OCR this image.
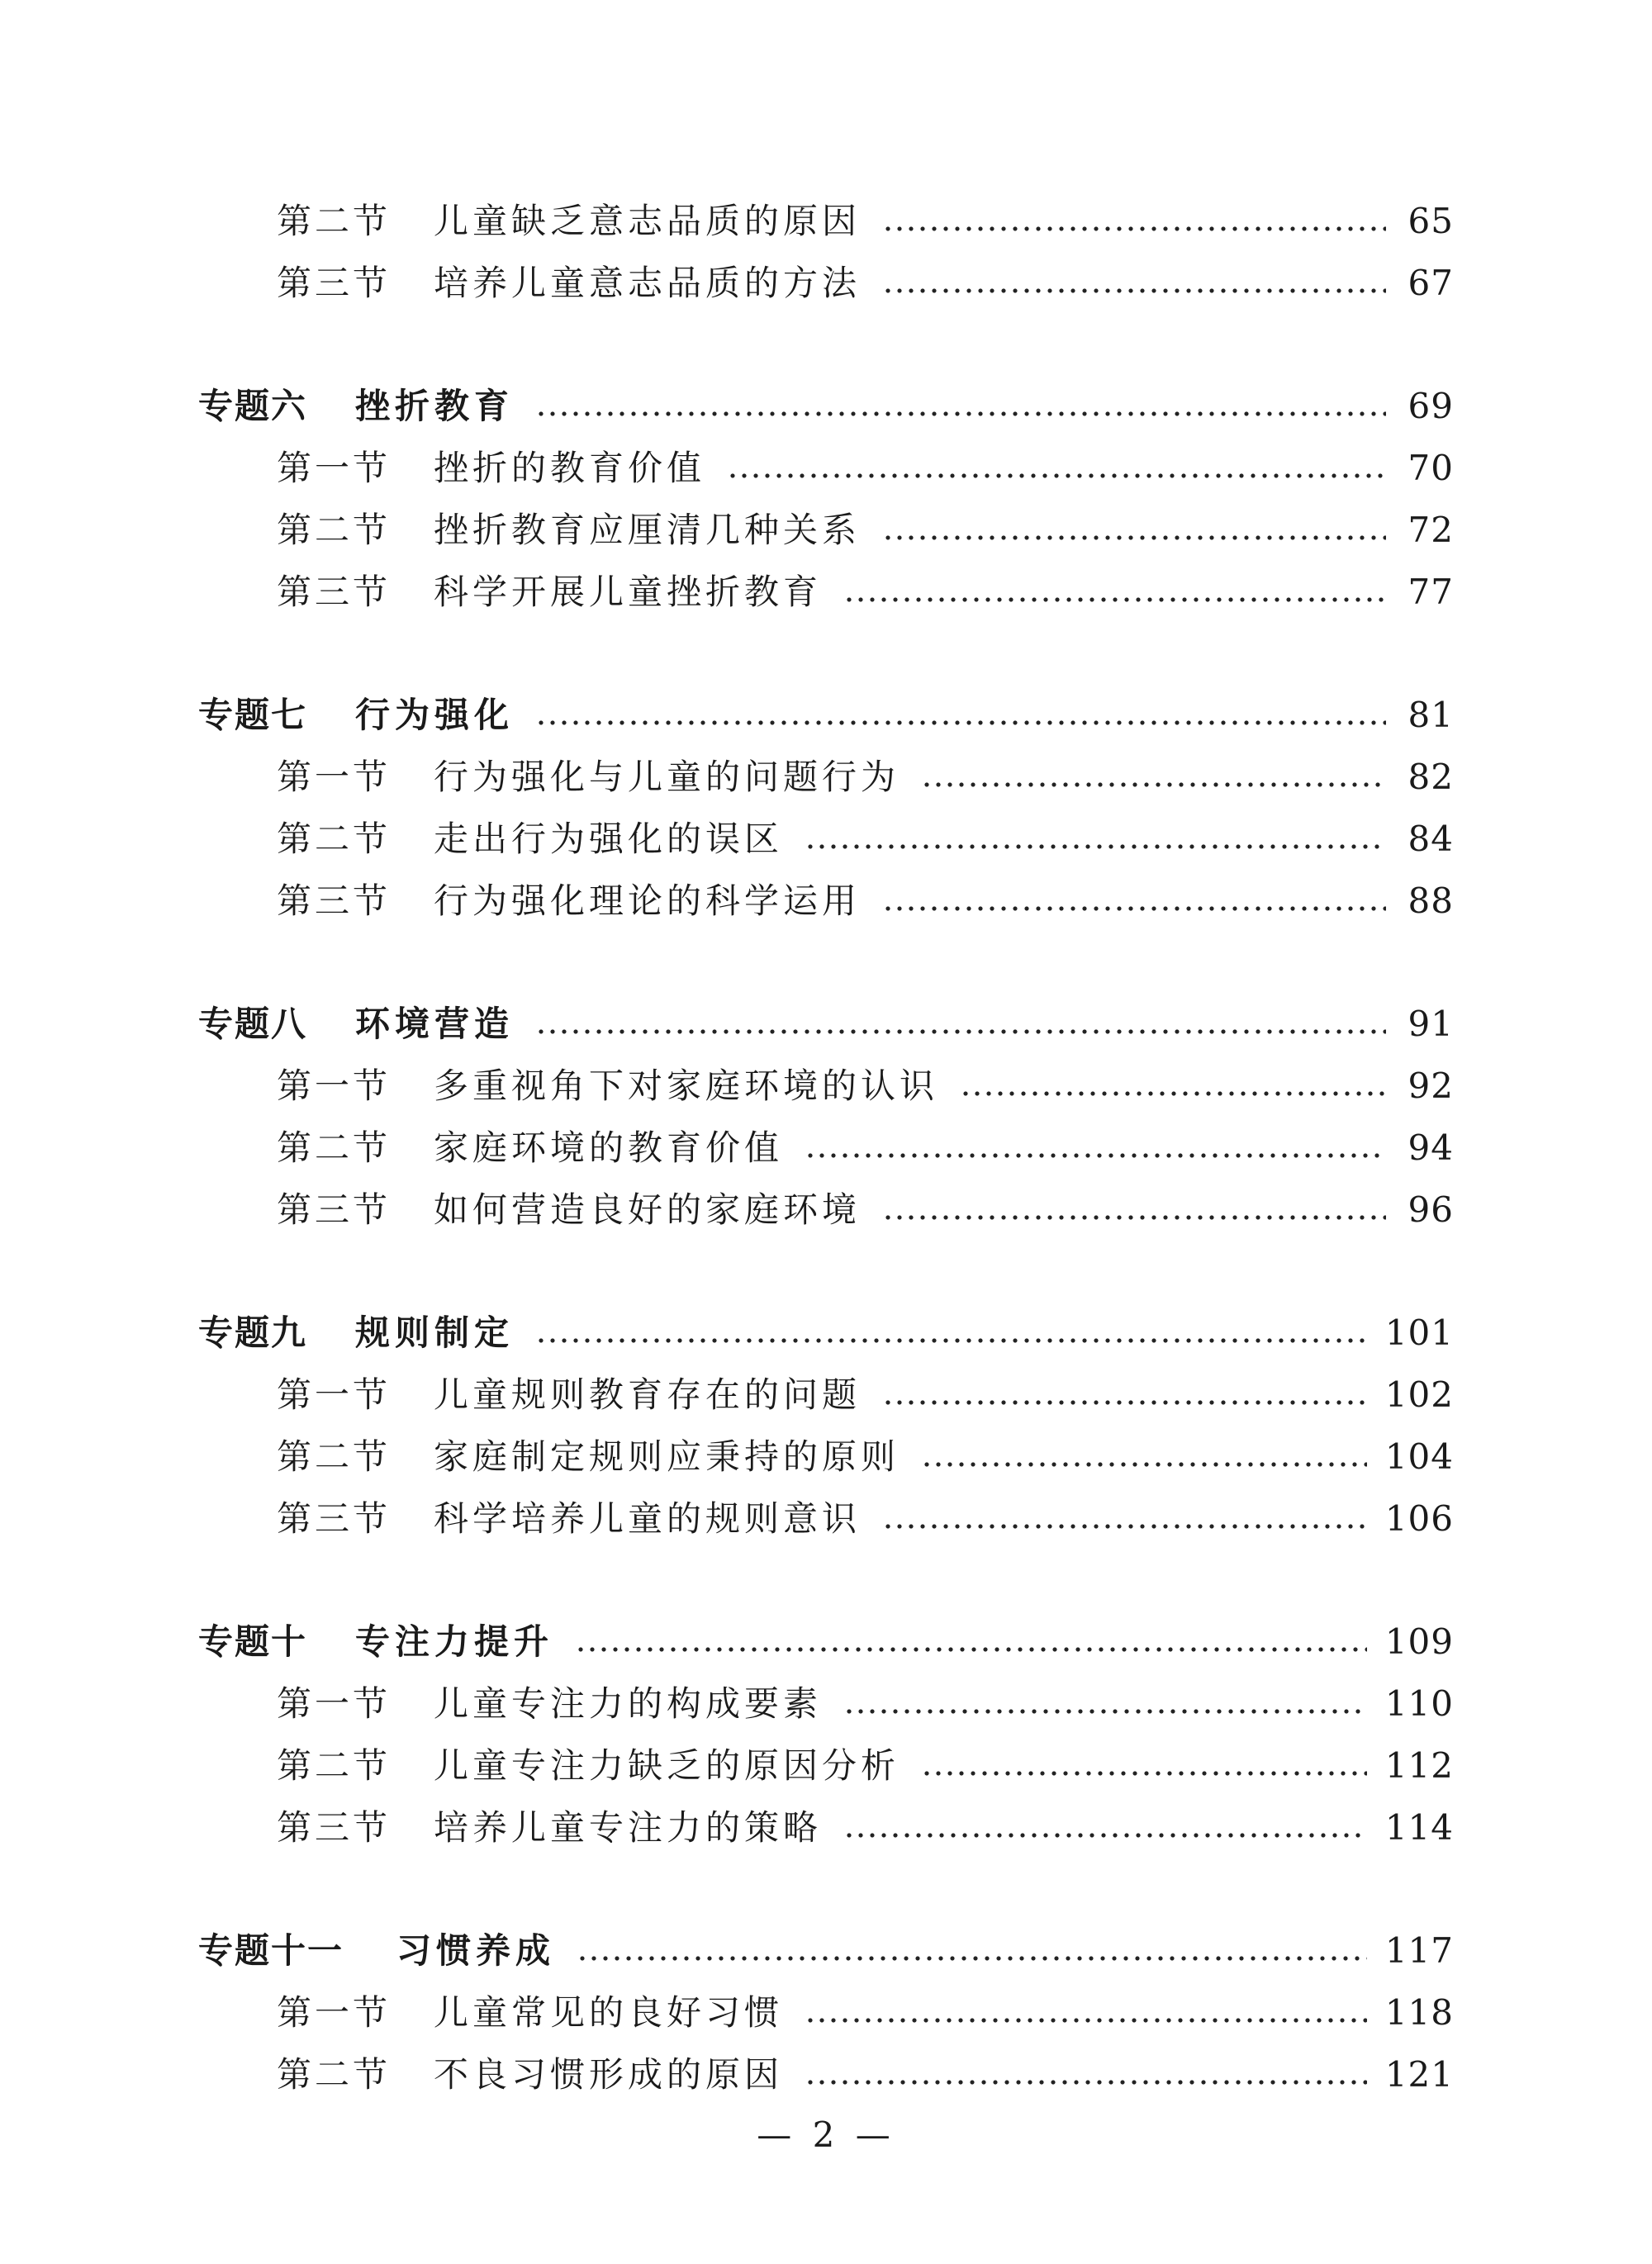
第二节	儿童缺乏意志品质的原因	65
第三节	培养儿童意志品质的方法	67
专题六	挫折教育	69
第一节	挫折的教育价值	70
第二节	挫折教育应厘清几种关系	72
第三节	科学开展儿童挫折教育	77
专题七	行为强化	81
第一节	行为强化与儿童的问题行为	82
第二节	走出行为强化的误区	84
第三节	行为强化理论的科学运用	88
专题八	环境营造	91
第一节	多重视角下对家庭环境的认识	92
第二节	家庭环境的教育价值	94
第三节	如何营造良好的家庭环境	96
专题九	规则制定	101
第一节	儿童规则教育存在的问题	102
第二节	家庭制定规则应秉持的原则	104
第三节	科学培养儿童的规则意识	106
专题十	专注力提升	109
第一节	儿童专注力的构成要素	110
第二节	儿童专注力缺乏的原因分析	112
第三节	培养儿童专注力的策略	114
专题十一	习惯养成	117
第一节	儿童常见的良好习惯	118
第二节	不良习惯形成的原因	121
— 2 —
